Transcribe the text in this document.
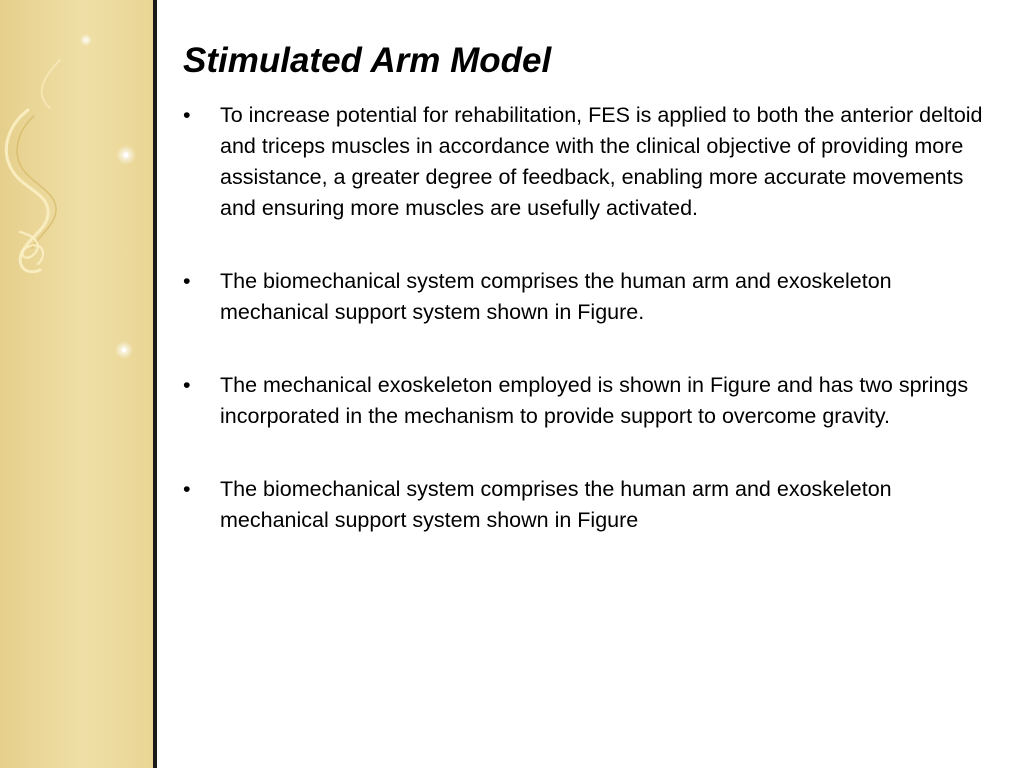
Stimulated Arm Model
• To increase potential for rehabilitation, FES is applied to both the anterior deltoid and triceps muscles in accordance with the clinical objective of providing more assistance, a greater degree of feedback, enabling more accurate movements and ensuring more muscles are usefully activated.
• The biomechanical system comprises the human arm and exoskeleton mechanical support system shown in Figure.
• The mechanical exoskeleton employed is shown in Figure and has two springs incorporated in the mechanism to provide support to overcome gravity.
• The biomechanical system comprises the human arm and exoskeleton mechanical support system shown in Figure
